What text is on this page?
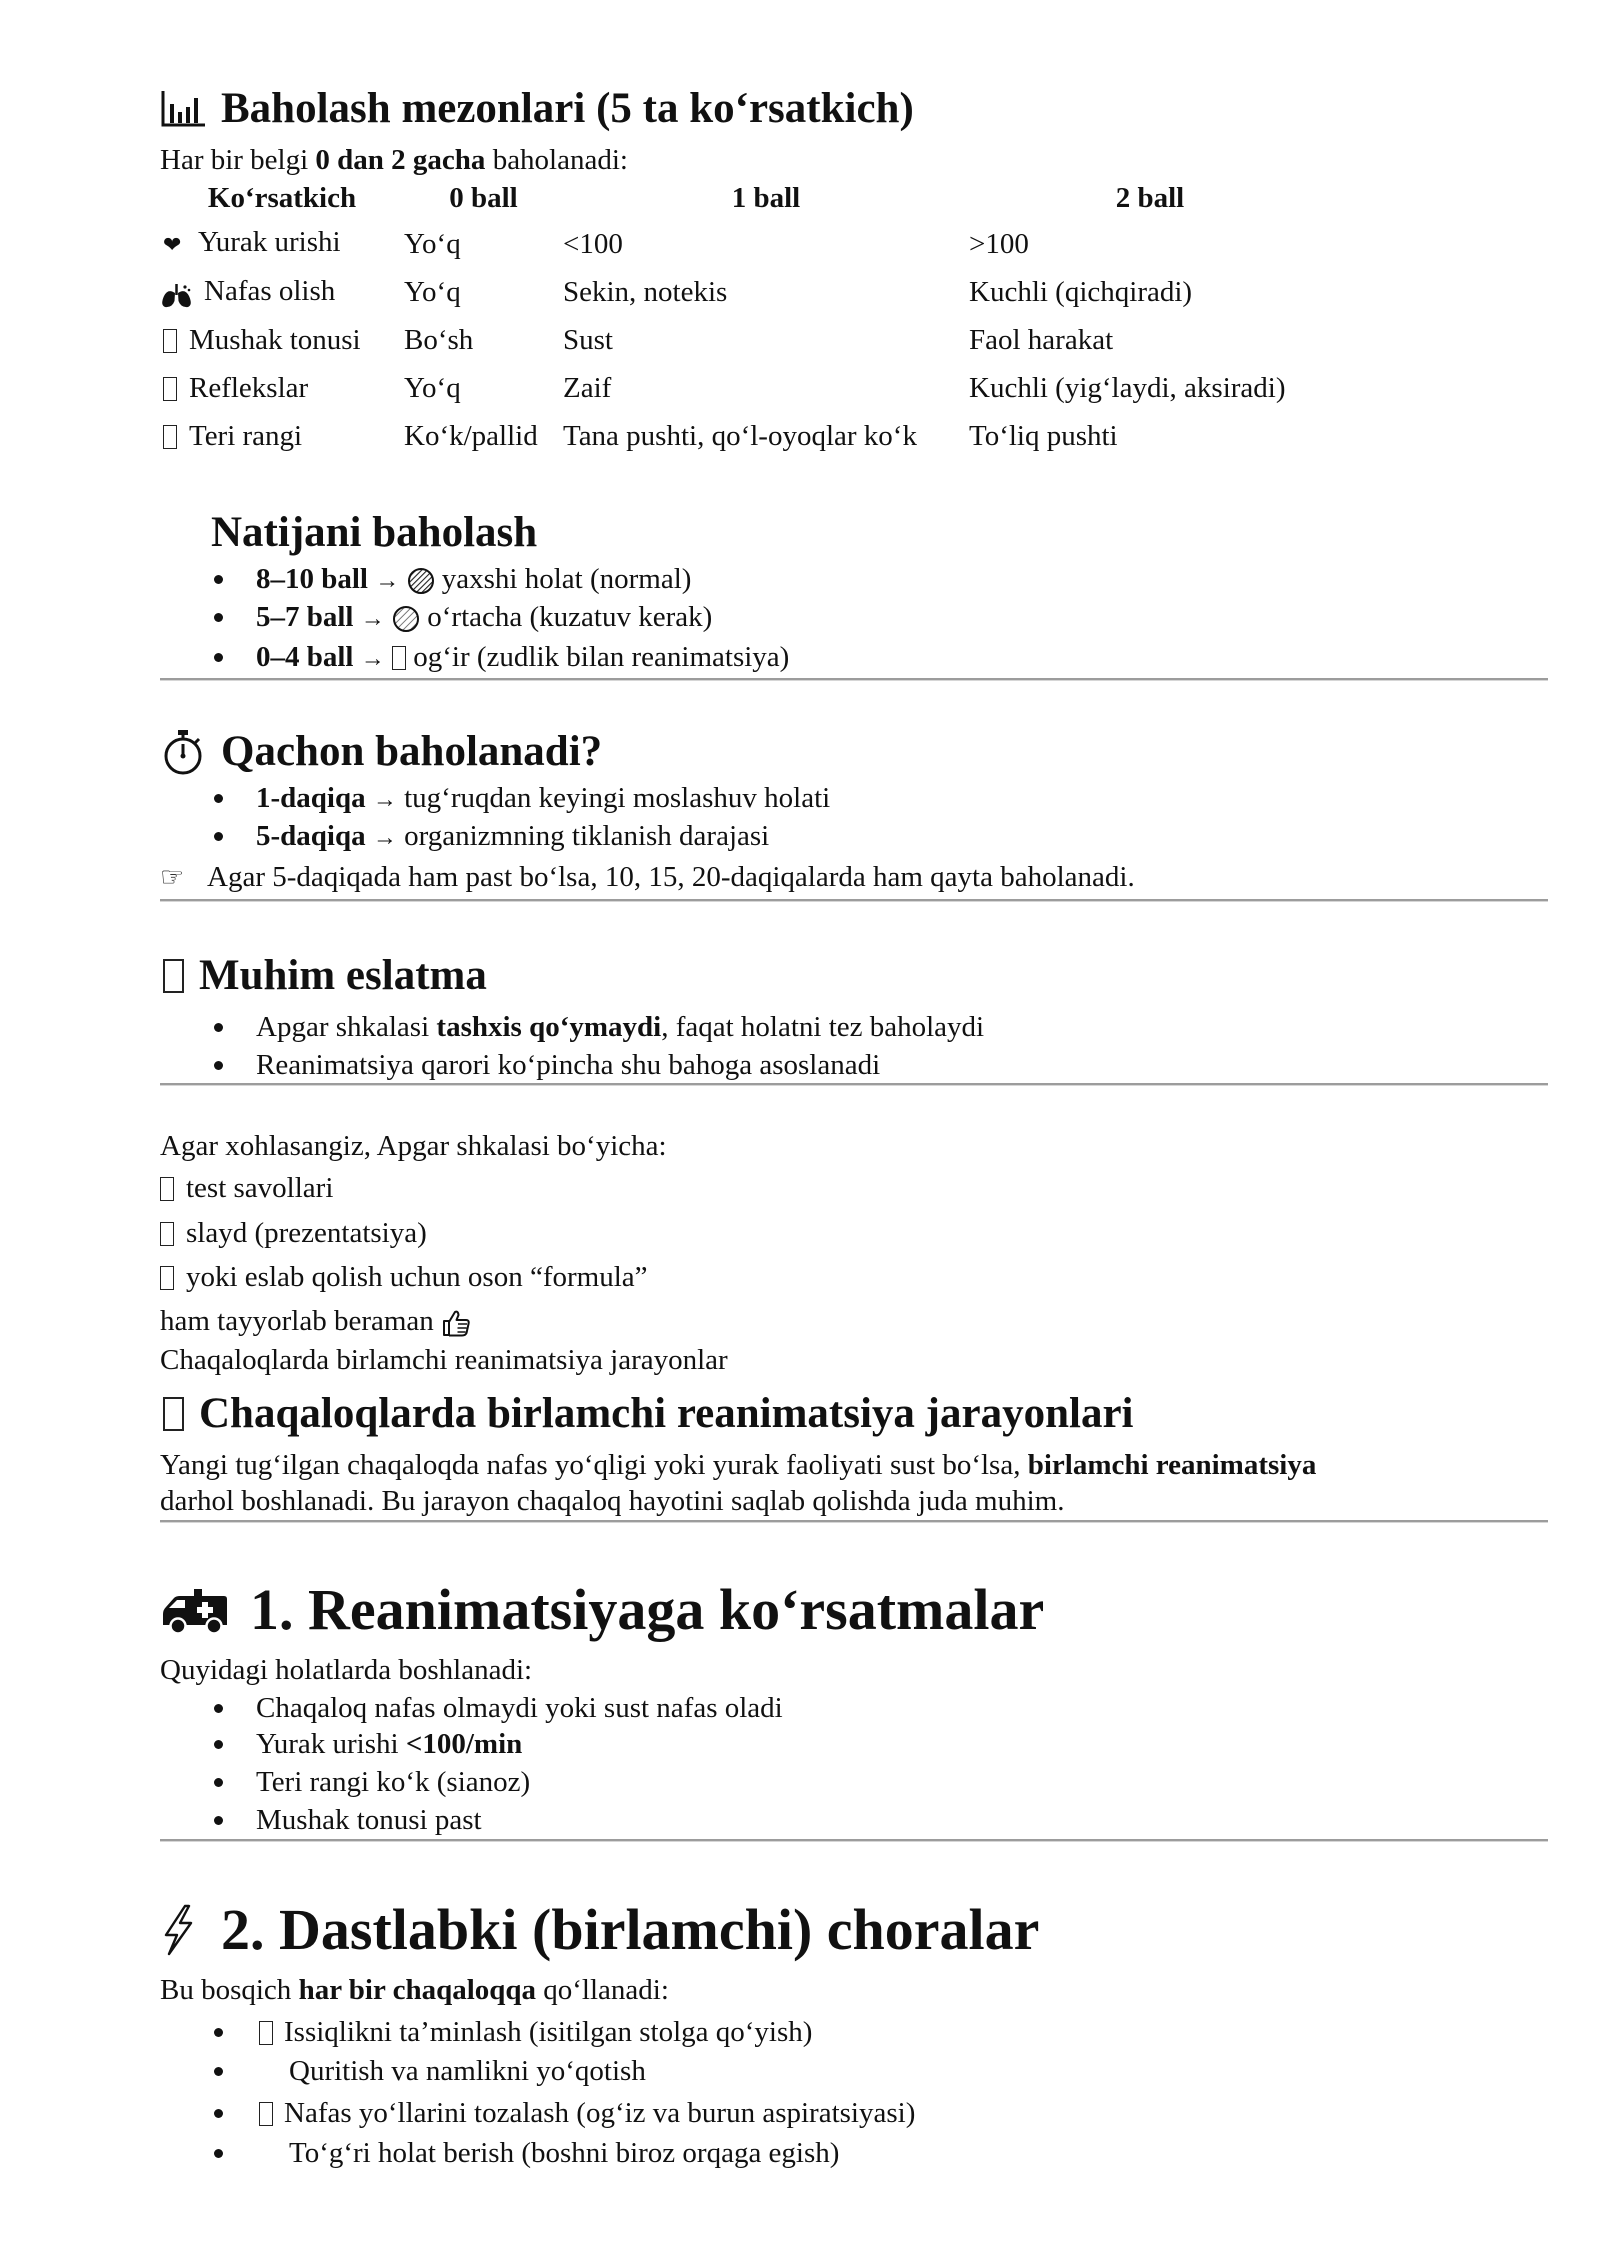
Baholash mezonlari (5 ta koʻrsatkich)
Har bir belgi 0 dan 2 gacha baholanadi:
Koʻrsatkich	0 ball	1 ball	2 ball
❤ Yurak urishi	Yoʻq	<100	>100
Nafas olish	Yoʻq	Sekin, notekis	Kuchli (qichqiradi)
Mushak tonusi	Boʻsh	Sust	Faol harakat
Reflekslar	Yoʻq	Zaif	Kuchli (yigʻlaydi, aksiradi)
Teri rangi	Koʻk/pallid	Tana pushti, qoʻl-oyoqlar koʻk	Toʻliq pushti
Natijani baholash
8–10 ball → yaxshi holat (normal)
5–7 ball → oʻrtacha (kuzatuv kerak)
0–4 ball → ogʻir (zudlik bilan reanimatsiya)
Qachon baholanadi?
1-daqiqa → tugʻruqdan keyingi moslashuv holati
5-daqiqa → organizmning tiklanish darajasi
☞ Agar 5-daqiqada ham past boʻlsa, 10, 15, 20-daqiqalarda ham qayta baholanadi.
Muhim eslatma
Apgar shkalasi tashxis qoʻymaydi, faqat holatni tez baholaydi
Reanimatsiya qarori koʻpincha shu bahoga asoslanadi
Agar xohlasangiz, Apgar shkalasi boʻyicha:
test savollari
slayd (prezentatsiya)
yoki eslab qolish uchun oson “formula”
ham tayyorlab beraman
Chaqaloqlarda birlamchi reanimatsiya jarayonlar
Chaqaloqlarda birlamchi reanimatsiya jarayonlari
Yangi tugʻilgan chaqaloqda nafas yoʻqligi yoki yurak faoliyati sust boʻlsa, birlamchi reanimatsiya
darhol boshlanadi. Bu jarayon chaqaloq hayotini saqlab qolishda juda muhim.
1. Reanimatsiyaga koʻrsatmalar
Quyidagi holatlarda boshlanadi:
Chaqaloq nafas olmaydi yoki sust nafas oladi
Yurak urishi <100/min
Teri rangi koʻk (sianoz)
Mushak tonusi past
2. Dastlabki (birlamchi) choralar
Bu bosqich har bir chaqaloqqa qoʻllanadi:
Issiqlikni taʼminlash (isitilgan stolga qoʻyish)
Quritish va namlikni yoʻqotish
Nafas yoʻllarini tozalash (ogʻiz va burun aspiratsiyasi)
Toʻgʻri holat berish (boshni biroz orqaga egish)
